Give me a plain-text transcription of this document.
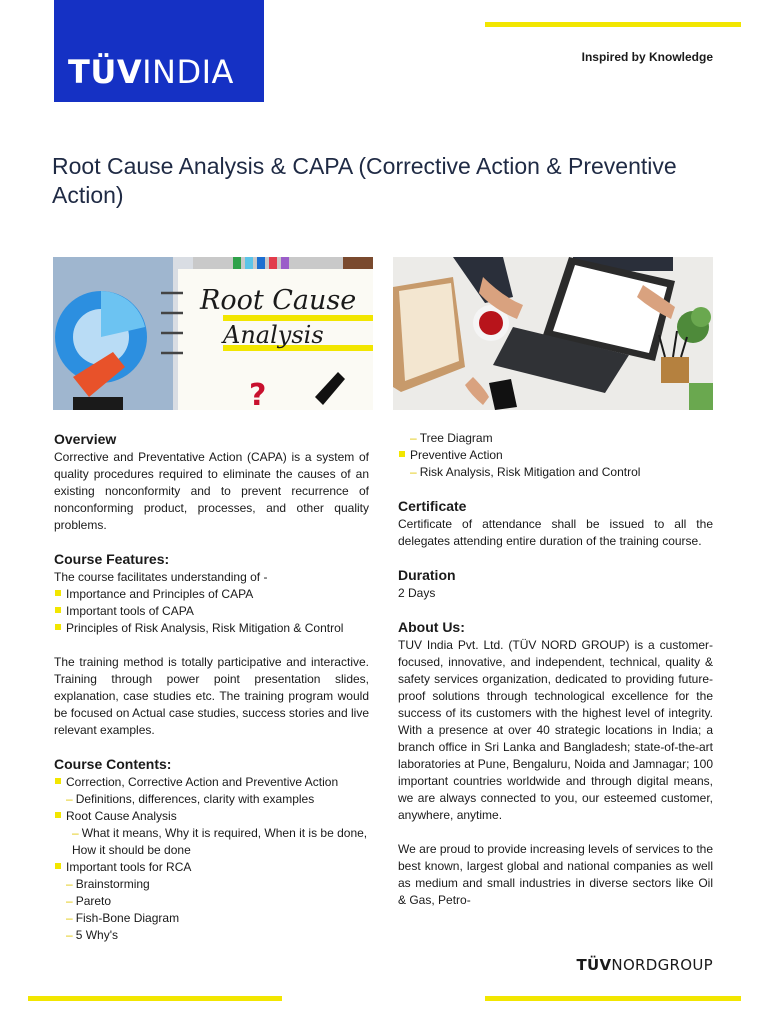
TÜVINDIA	Inspired by Knowledge
Root Cause Analysis & CAPA (Corrective Action & Preventive Action)
Root Cause
Analysis
?
Overview

Corrective and Preventative Action (CAPA) is a system of quality procedures required to eliminate the causes of an existing nonconformity and to prevent recurrence of nonconforming product, processes, and other quality problems.

Course Features:

The course facilitates understanding of -

Importance and Principles of CAPA
Important tools of CAPA
Principles of Risk Analysis, Risk Mitigation & Control

The training method is totally participative and interactive. Training through power point presentation slides, explanation, case studies etc. The training program would be focused on Actual case studies, success stories and live relevant examples.

Course Contents:
Correction, Corrective Action and Preventive Action
– Definitions, differences, clarity with examples
Root Cause Analysis
– What it means, Why it is required, When it is be done, How it should be done
Important tools for RCA
– Brainstorming
– Pareto
– Fish-Bone Diagram
– 5 Why's
– Tree Diagram
Preventive Action
– Risk Analysis, Risk Mitigation and Control
Certificate

Certificate of attendance shall be issued to all the delegates attending entire duration of the training course.

Duration

2 Days

About Us:

TUV India Pvt. Ltd. (TÜV NORD GROUP) is a customer-focused, innovative, and independent, technical, quality & safety services organization, dedicated to providing future-proof solutions through technological excellence for the success of its customers with the highest level of integrity. With a presence at over 40 strategic locations in India; a branch office in Sri Lanka and Bangladesh; state-of-the-art laboratories at Pune, Bengaluru, Noida and Jamnagar; 100 important countries worldwide and through digital means, we are always connected to you, our esteemed customer, anywhere, anytime.

We are proud to provide increasing levels of services to the best known, largest global and national companies as well as medium and small industries in diverse sectors like Oil & Gas, Petro-

TÜVNORDGROUP
